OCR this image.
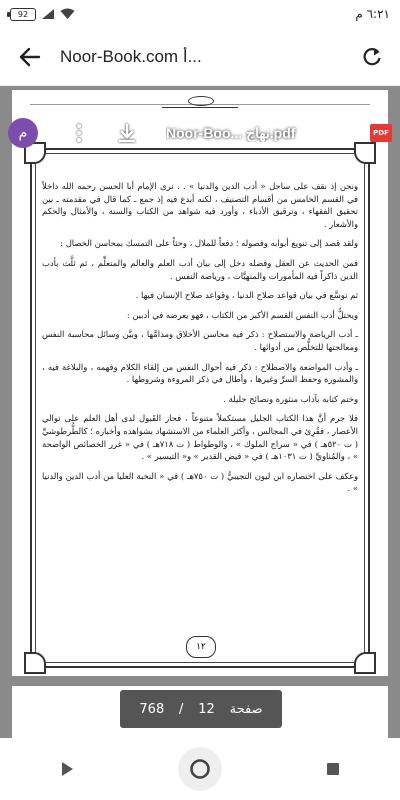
92	٦:٢١ م
Noor-Book.com أ...

ونحن إذ نقف على ساحل « أدب الدين والدنيا » . . نرى الإمام أبا الحسن رحمه الله داخلاً في القسم الخامس من أقسام التصنيف ، لكنه أبدع فيه إذ جمع ـ كما قال في مقدمته ـ بين تحقيق الفقهاء ، وترقيق الأدباء ، وأورد فيه شواهد من الكتاب والسنة ، والأمثال والحكم والأشعار .

ولقد قصد إلى تنويع أبوابه وفصوله ؛ دفعاً للملال ، وحثاً على التمسك بمحاسن الخصال :

فمن الحديث عن العقل وفضله دخل إلى بيان أدب العلم والعالم والمتعلِّم ، ثم ثلَّث بأدب الدين ذاكراً فيه المأمورات والمنهيَّات ، ورياضة النفس .

ثم توسَّع في بيان قواعد صلاح الدنيا ، وقواعد صلاح الإنسان فيها .

ويحتلُّ أدب النفس القسم الأكبر من الكتاب ، فهو يعرضه في أدبين :

ـ أدب الرياضة والاستصلاح : ذكر فيه محاسن الأخلاق ومذامَّها ، وبيَّن وسائل محاسبة النفس ومعالجتها للتخلُّص من أدوائها .

ـ وأدب المواضعة والاصطلاح : ذكر فيه أحوال النفس من إلقاء الكلام وفهمه ، والبلاغة فيه ، والمشورة وحفظ السرِّ وغيرها ، وأطال في ذكر المروءة وشروطها .

وختم كتابه بآداب منثورة ونصائح جليلة .

فلا جرم أنَّ هذا الكتاب الجليل مستكملاً متنوعاً ، فحاز القَبول لدى أهل العلم على توالي الأعصار ، فقُرِئ في المجالس ، وأكثر العلماء من الاستشهاد بشواهده وأخباره ؛ كالطُّرطوشيِّ ( ت ٥٢٠هـ ) في « سراج الملوك » ، والوطواط ( ت ٧١٨هـ ) في « غرر الخصائص الواضحة » ، والمُناويِّ ( ت ١٠٣١هـ ) في « فيض القدير » و« التيسير » .

وعكف على اختصاره ابن ليون التجيبيُّ ( ت ٧٥٠هـ ) في « النخبة العليا من أدب الدين والدنيا » .

١٢
م	Noor-Boo... نهاج.pdf	PDF
768 / 12 صفحة
